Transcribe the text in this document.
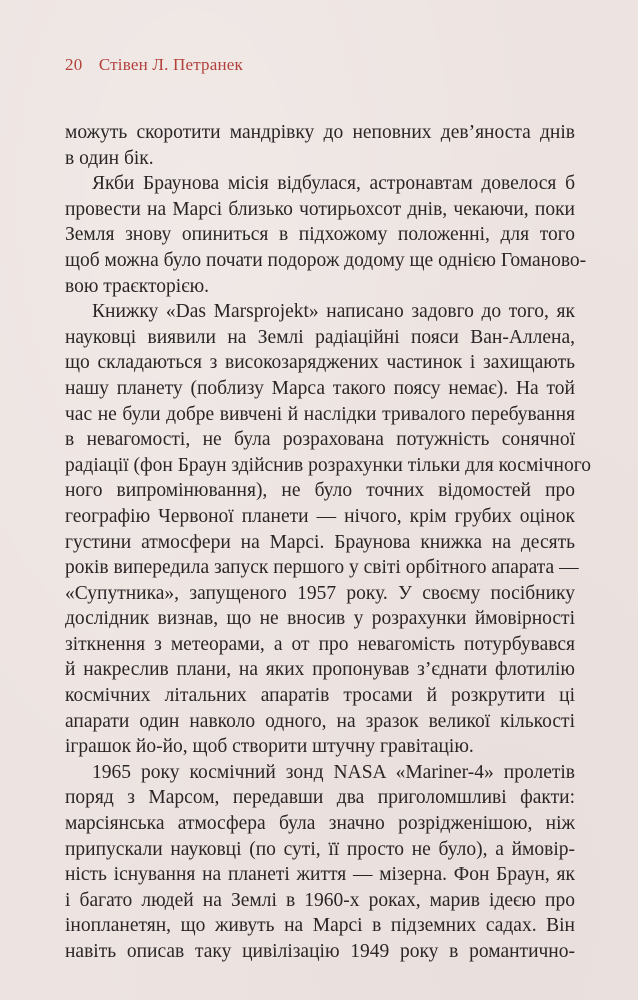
20 Стівен Л. Петранек
можуть скоротити мандрівку до неповних дев’яноста днів
в один бік.
Якби Браунова місія відбулася, астронавтам довелося б
провести на Марсі близько чотирьохсот днів, чекаючи, поки
Земля знову опиниться в підхожому положенні, для того
щоб можна було почати подорож додому ще однією Гоманово-
вою траєкторією.
Книжку «Das Marsprojekt» написано задовго до того, як
науковці виявили на Землі радіаційні пояси Ван-Аллена,
що складаються з високозаряджених частинок і захищають
нашу планету (поблизу Марса такого поясу немає). На той
час не були добре вивчені й наслідки тривалого перебування
в невагомості, не була розрахована потужність сонячної
радіації (фон Браун здійснив розрахунки тільки для космічного
ного випромінювання), не було точних відомостей про
географію Червоної планети — нічого, крім грубих оцінок
густини атмосфери на Марсі. Браунова книжка на десять
років випередила запуск першого у світі орбітного апарата —
«Супутника», запущеного 1957 року. У своєму посібнику
дослідник визнав, що не вносив у розрахунки ймовірності
зіткнення з метеорами, а от про невагомість потурбувався
й накреслив плани, на яких пропонував з’єднати флотилію
космічних літальних апаратів тросами й розкрутити ці
апарати один навколо одного, на зразок великої кількості
іграшок йо-йо, щоб створити штучну гравітацію.
1965 року космічний зонд NASA «Mariner-4» пролетів
поряд з Марсом, передавши два приголомшливі факти:
марсіянська атмосфера була значно розрідженішою, ніж
припускали науковці (по суті, її просто не було), а ймовір-
ність існування на планеті життя — мізерна. Фон Браун, як
і багато людей на Землі в 1960-х роках, марив ідеєю про
інопланетян, що живуть на Марсі в підземних садах. Він
навіть описав таку цивілізацію 1949 року в романтично-
